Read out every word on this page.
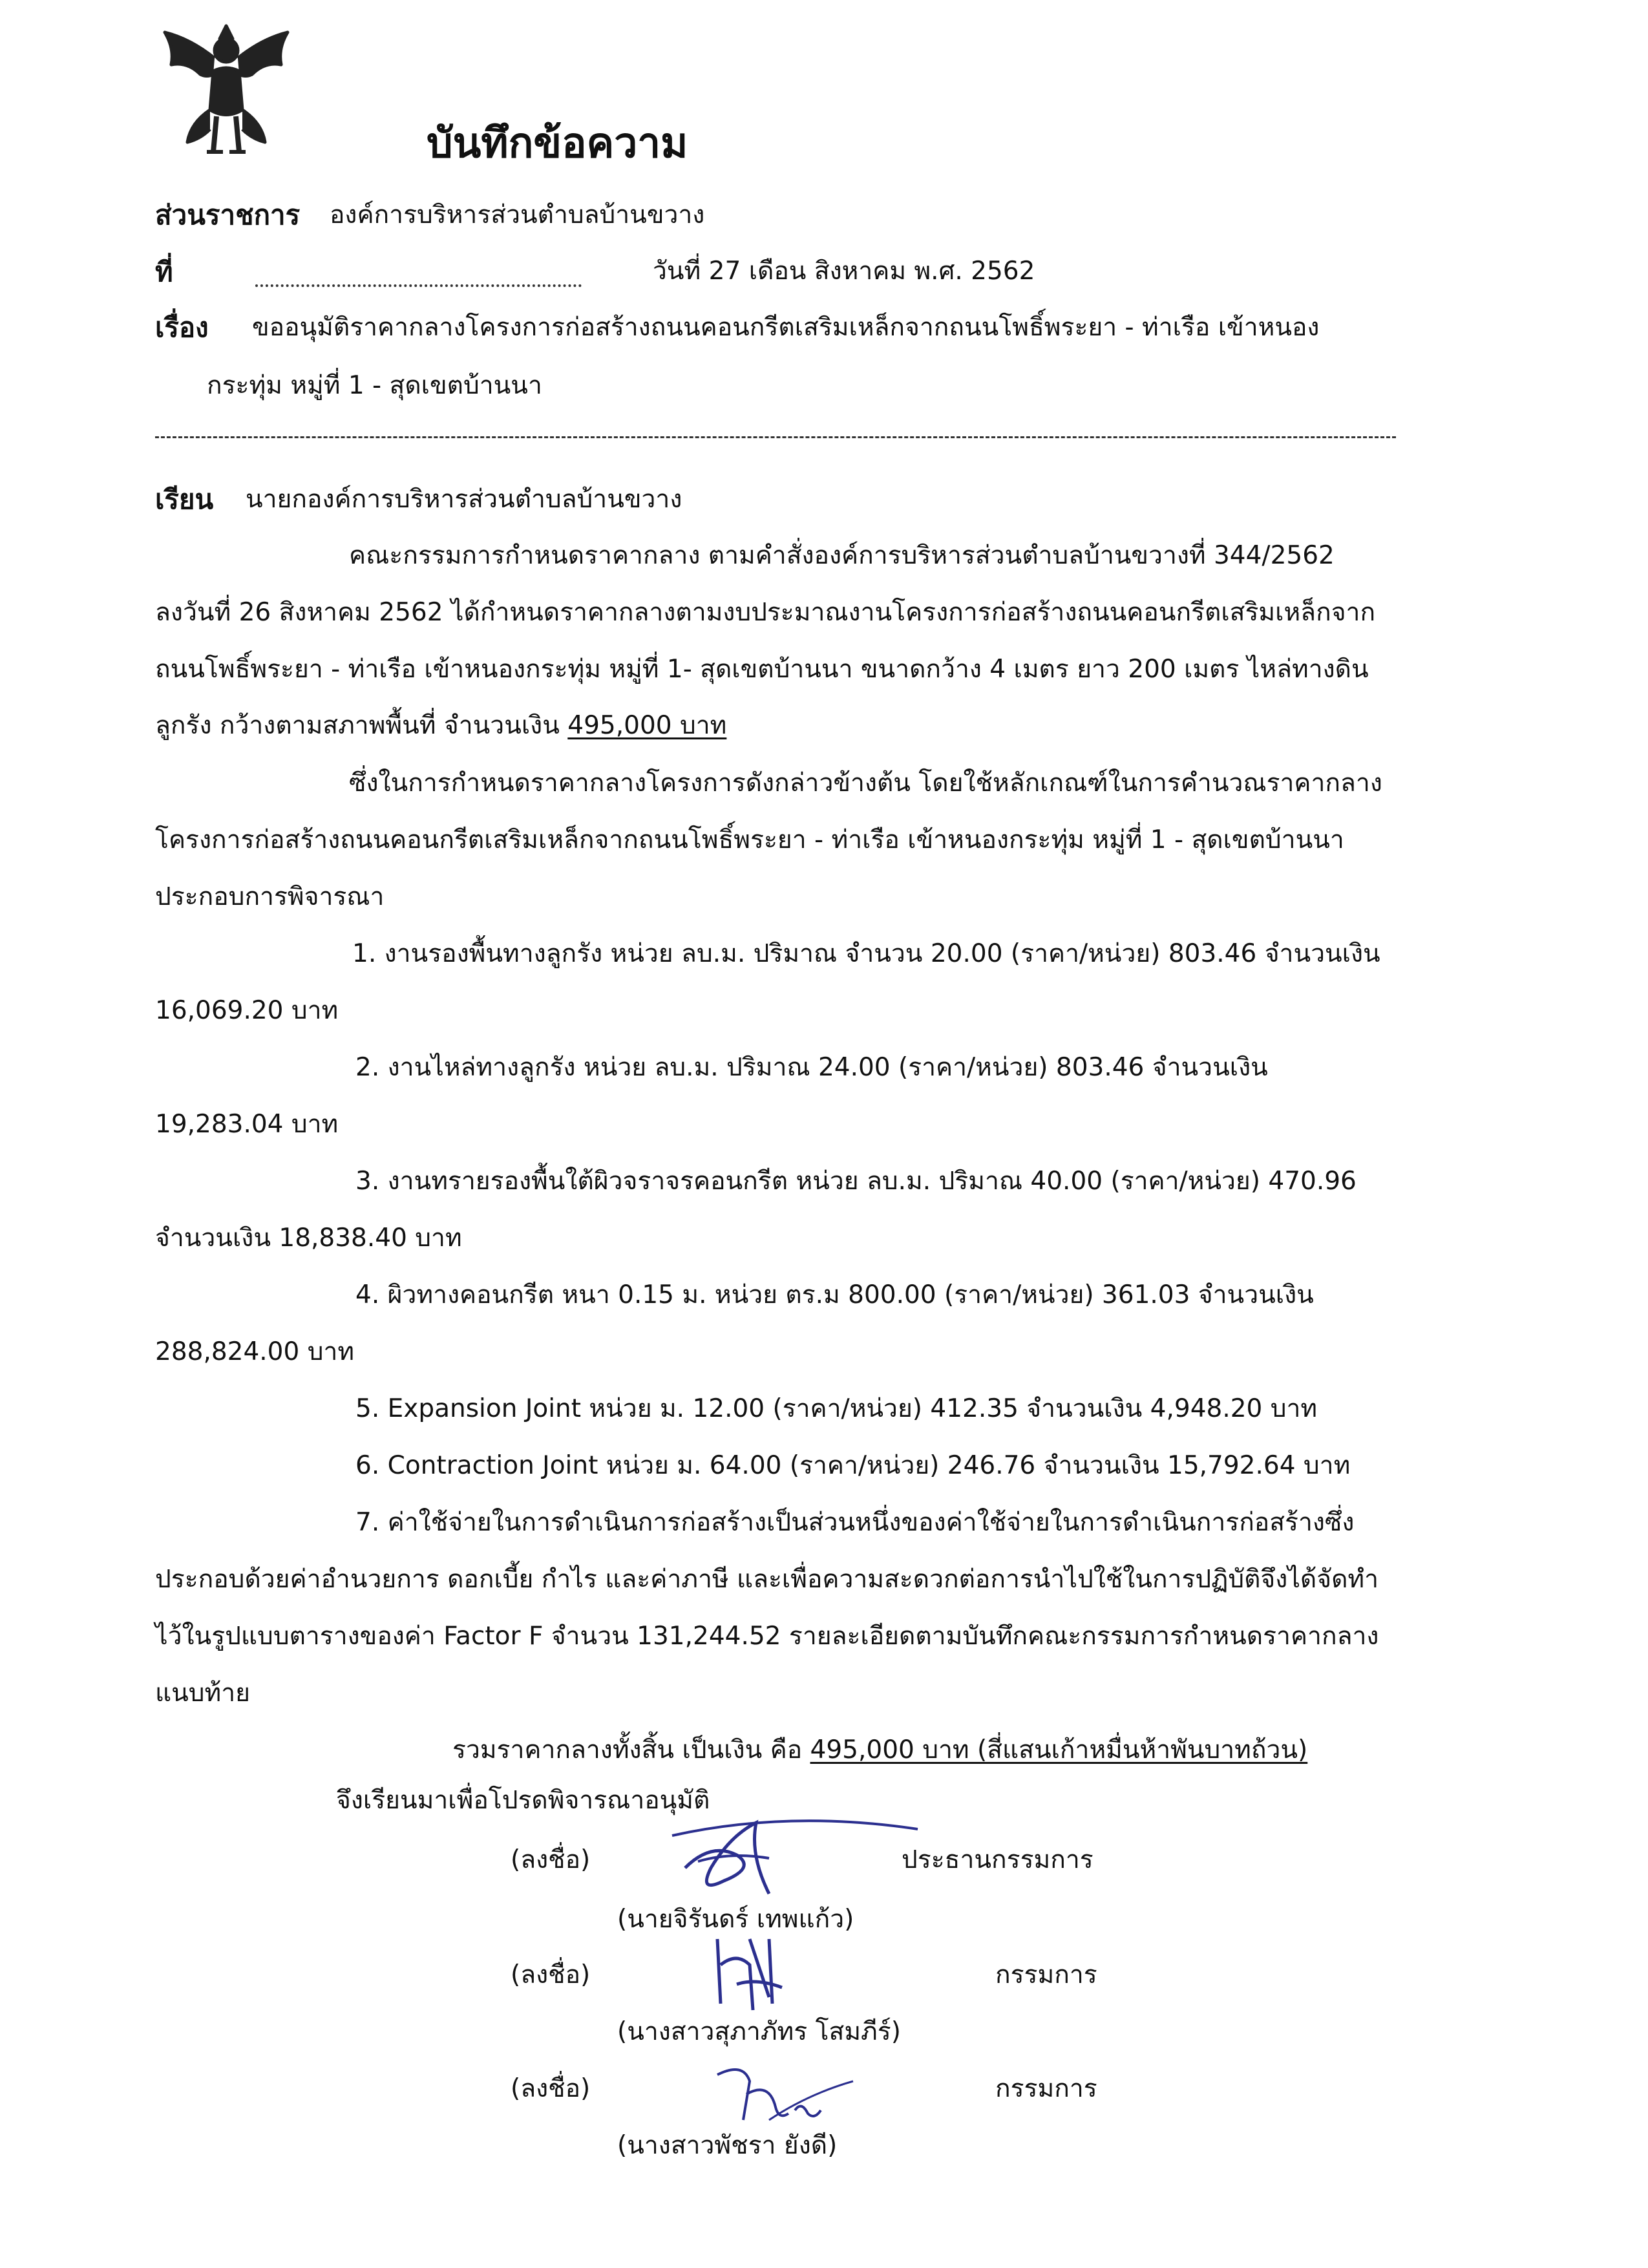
บันทึกข้อความ
ส่วนราชการ องค์การบริหารส่วนตำบลบ้านขวาง
ที่	วันที่ 27 เดือน สิงหาคม พ.ศ. 2562
เรื่อง ขออนุมัติราคากลางโครงการก่อสร้างถนนคอนกรีตเสริมเหล็กจากถนนโพธิ์พระยา - ท่าเรือ เข้าหนอง
กระทุ่ม หมู่ที่ 1 - สุดเขตบ้านนา
เรียน นายกองค์การบริหารส่วนตำบลบ้านขวาง
คณะกรรมการกำหนดราคากลาง ตามคำสั่งองค์การบริหารส่วนตำบลบ้านขวางที่ 344/2562
ลงวันที่ 26 สิงหาคม 2562 ได้กำหนดราคากลางตามงบประมาณงานโครงการก่อสร้างถนนคอนกรีตเสริมเหล็กจาก
ถนนโพธิ์พระยา - ท่าเรือ เข้าหนองกระทุ่ม หมู่ที่ 1- สุดเขตบ้านนา ขนาดกว้าง 4 เมตร ยาว 200 เมตร ไหล่ทางดิน
ลูกรัง กว้างตามสภาพพื้นที่ จำนวนเงิน 495,000 บาท
ซึ่งในการกำหนดราคากลางโครงการดังกล่าวข้างต้น โดยใช้หลักเกณฑ์ในการคำนวณราคากลาง
โครงการก่อสร้างถนนคอนกรีตเสริมเหล็กจากถนนโพธิ์พระยา - ท่าเรือ เข้าหนองกระทุ่ม หมู่ที่ 1 - สุดเขตบ้านนา
ประกอบการพิจารณา
1. งานรองพื้นทางลูกรัง หน่วย ลบ.ม. ปริมาณ จำนวน 20.00 (ราคา/หน่วย) 803.46 จำนวนเงิน
16,069.20 บาท
2. งานไหล่ทางลูกรัง หน่วย ลบ.ม. ปริมาณ 24.00 (ราคา/หน่วย) 803.46 จำนวนเงิน
19,283.04 บาท
3. งานทรายรองพื้นใต้ผิวจราจรคอนกรีต หน่วย ลบ.ม. ปริมาณ 40.00 (ราคา/หน่วย) 470.96
จำนวนเงิน 18,838.40 บาท
4. ผิวทางคอนกรีต หนา 0.15 ม. หน่วย ตร.ม 800.00 (ราคา/หน่วย) 361.03 จำนวนเงิน
288,824.00 บาท
5. Expansion Joint หน่วย ม. 12.00 (ราคา/หน่วย) 412.35 จำนวนเงิน 4,948.20 บาท
6. Contraction Joint หน่วย ม. 64.00 (ราคา/หน่วย) 246.76 จำนวนเงิน 15,792.64 บาท
7. ค่าใช้จ่ายในการดำเนินการก่อสร้างเป็นส่วนหนึ่งของค่าใช้จ่ายในการดำเนินการก่อสร้างซึ่ง
ประกอบด้วยค่าอำนวยการ ดอกเบี้ย กำไร และค่าภาษี และเพื่อความสะดวกต่อการนำไปใช้ในการปฏิบัติจึงได้จัดทำ
ไว้ในรูปแบบตารางของค่า Factor F จำนวน 131,244.52 รายละเอียดตามบันทึกคณะกรรมการกำหนดราคากลาง
แนบท้าย
รวมราคากลางทั้งสิ้น เป็นเงิน คือ 495,000 บาท (สี่แสนเก้าหมื่นห้าพันบาทถ้วน)
จึงเรียนมาเพื่อโปรดพิจารณาอนุมัติ
(ลงชื่อ)	ประธานกรรมการ
(นายจิรันดร์ เทพแก้ว)
(ลงชื่อ)	กรรมการ
(นางสาวสุภาภัทร โสมภีร์)
(ลงชื่อ)	กรรมการ
(นางสาวพัชรา ยังดี)
